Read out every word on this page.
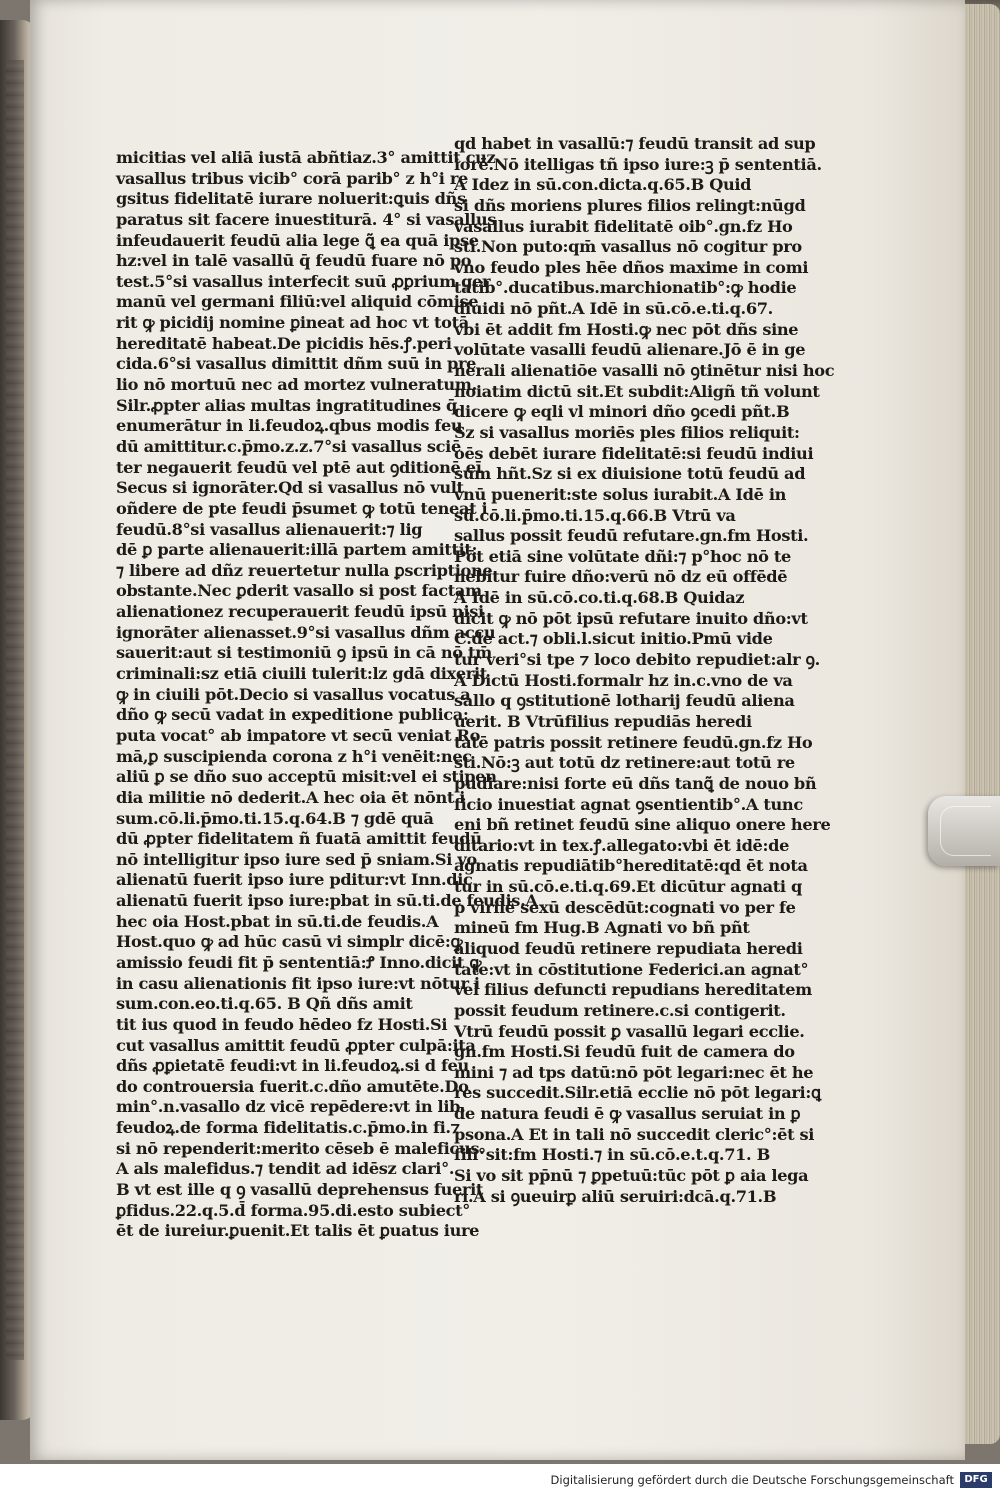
micitias vel aliā iustā abñtiaz.3° amittit cuz
vasallus tribus vicib° corā parib° z h°i re
gsitus fidelitatē iurare noluerit:ꝗuis dñs
paratus sit facere inuestiturā. 4° si vasallus
infeudauerit feudū alia lege ꝗ̃ ea quā ipse
hz:vel in talē vasallū q̄ feudū fuare nō po
test.5°si vasallus interfecit suū ꝓꝑrium ger
manū vel germani filiū:vel aliquid cōmise
rit ꝙ picidij nomine ꝑineat ad hoc vt totā
hereditatē habeat.De picidis hēs.ꝭ.peri
cida.6°si vasallus dimittit dñm suū in pre
lio nō mortuū nec ad mortez vulneratum.
Silr.ꝓpter alias multas ingratitudines q̄
enumerātur in li.feudoꝝ.qbus modis feu
dū amittitur.c.p̄mo.z.z.7°si vasallus sciē
ter negauerit feudū vel ptē aut ꝯditionē eī
Secus si ignorāter.Qd si vasallus nō vult
oñdere de pte feudi p̄sumet ꝙ totū teneat i
feudū.8°si vasallus alienauerit:⁊ lig
dē ꝑ parte alienauerit:illā partem amittit:
⁊ libere ad dñz reuertetur nulla ꝑscriptione
obstante.Nec ꝑderit vasallo si post factam
alienationez recuperauerit feudū ipsū nisi
ignorāter alienasset.9°si vasallus dñm accu
sauerit:aut si testimoniū ꝯ ipsū in cā nō tm̄
criminali:sz etiā ciuili tulerit:lz gdā dixerit
ꝙ in ciuili pōt.Decio si vasallus vocatus a
dño ꝙ secū vadat in expeditione publica:
puta vocat° ab impatore vt secū veniat Ro
mā,ꝑ suscipienda corona z h°i venēit:nec
aliū ꝑ se dño suo acceptū misit:vel ei stipen
dia militie nō dederit.A hec oia ēt nōnt i
sum.cō.li.p̄mo.ti.15.q.64.B ⁊ gdē quā
dū ꝓpter fidelitatem ñ fuatā amittit feudū
nō intelligitur ipso iure sed p̄ sniam.Si vo
alienatū fuerit ipso iure pditur:vt Inn.dic
alienatū fuerit ipso iure:pbat in sū.ti.de feudis.A
hec oia Host.pbat in sū.ti.de feudis.A
Host.quo ꝙ ad hūc casū vi simplr dicē:ꝙ
amissio feudi fit p̄ sententiā:Ꝭ Inno.dicit ꝙ
in casu alienationis fit ipso iure:vt nōtur i
sum.con.eo.ti.q.65. B Qñ dñs amit
tit ius quod in feudo hēdeo fz Hosti.Si
cut vasallus amittit feudū ꝓpter culpā:ita
dñs ꝓꝑietatē feudi:vt in li.feudoꝝ.si d feu
do controuersia fuerit.c.dño amutēte.Do
min°.n.vasallo dz vicē repēdere:vt in lib.
feudoꝝ.de forma fidelitatis.c.p̄mo.in fi.⁊
si nō rependerit:merito cēseb ē maleficus.
A als malefidus.⁊ tendit ad idēsz clari°.
B vt est ille q ꝯ vasallū deprehensus fuerit
ꝑfidus.22.q.5.d̄ forma.95.di.esto subiect°
ēt de iureiur.ꝑuenit.Et talis ēt ꝑuatus iure
qd habet in vasallū:⁊ feudū transit ad sup
iorē.Nō itelligas tñ ipso iure:ꝫ p̄ sententiā.
A Idez in sū.con.dicta.q.65.B Quid
si dñs moriens plures filios relingt:nūgd
vasallus iurabit fidelitatē oib°.gn.fz Ho
sti.Non puto:qm̄ vasallus nō cogitur pro
vno feudo ples hēe dños maxime in comi
tatib°.ducatibus.marchionatib°:ꝙ hodie
diuidi nō pñt.A Idē in sū.cō.e.ti.q.67.
vbi ēt addit fm Hosti.ꝙ nec pōt dñs sine
volūtate vasalli feudū alienare.Jō ē in ge
nerali alienatiōe vasalli nō ꝯtinētur nisi hoc
noiatim dictū sit.Et subdit:Aligñ tñ volunt
dicere ꝙ eqli vl minori dño ꝯcedi pñt.B
Sz si vasallus moriēs ples filios reliquit:
oēs debēt iurare fidelitatē:si feudū indiui
sum hñt.Sz si ex diuisione totū feudū ad
vnū puenerit:ste solus iurabit.A Idē in
sū.cō.li.p̄mo.ti.15.q.66.B Vtrū va
sallus possit feudū refutare.gn.fm Hosti.
Pōt etiā sine volūtate dñi:⁊ p°hoc nō te
nebitur fuire dño:verū nō dz eū offēdē
A Idē in sū.cō.co.ti.q.68.B Quidaz
dicit ꝙ nō pōt ipsū refutare inuito dño:vt
C.de act.⁊ obli.l.sicut initio.Pmū vide
tur veri°si tpe ⁊ loco debito repudiet:alr ꝯ.
A Dictū Hosti.formalr hz in.c.vno de va
sallo q ꝯstitutionē lotharij feudū aliena
uerit. B Vtrūfilius repudiās heredi
tatē patris possit retinere feudū.gn.fz Ho
sti.Nō:ꝫ aut totū dz retinere:aut totū re
pudiare:nisi forte eū dñs tanꝗ̃ de nouo bñ
ficio inuestiat agnat ꝯsentientib°.A tunc
eni bñ retinet feudū sine aliquo onere here
ditario:vt in tex.ꝭ.allegato:vbi ēt idē:de
agnatis repudiātib°hereditatē:qd ēt nota
tur in sū.cō.e.ti.q.69.Et dicūtur agnati q
p virilē sexū descēdūt:cognati vo per fe
mineū fm Hug.B Agnati vo bñ pñt
aliquod feudū retinere repudiata heredi
tate:vt in cōstitutione Federici.an agnat°
vel filius defuncti repudians hereditatem
possit feudum retinere.c.si contigerit.
Vtrū feudū possit ꝑ vasallū legari ecclie.
gn.fm Hosti.Si feudū fuit de camera do
mini ⁊ ad tps datū:nō pōt legari:nec ēt he
res succedit.Silr.etiā ecclie nō pōt legari:ꝗ
de natura feudi ē ꝙ vasallus seruiat in ꝑ
psona.A Et in tali nō succedit cleric°:ēt si
fili°sit:fm Hosti.⁊ in sū.cō.e.t.q.71. B
Si vo sit pp̄nū ⁊ ꝑpetuū:tūc pōt ꝑ aia lega
ri.A si ꝯueuirꝑ aliū seruiri:dcā.q.71.B
Digitalisierung gefördert durch die Deutsche Forschungsgemeinschaft	DFG
